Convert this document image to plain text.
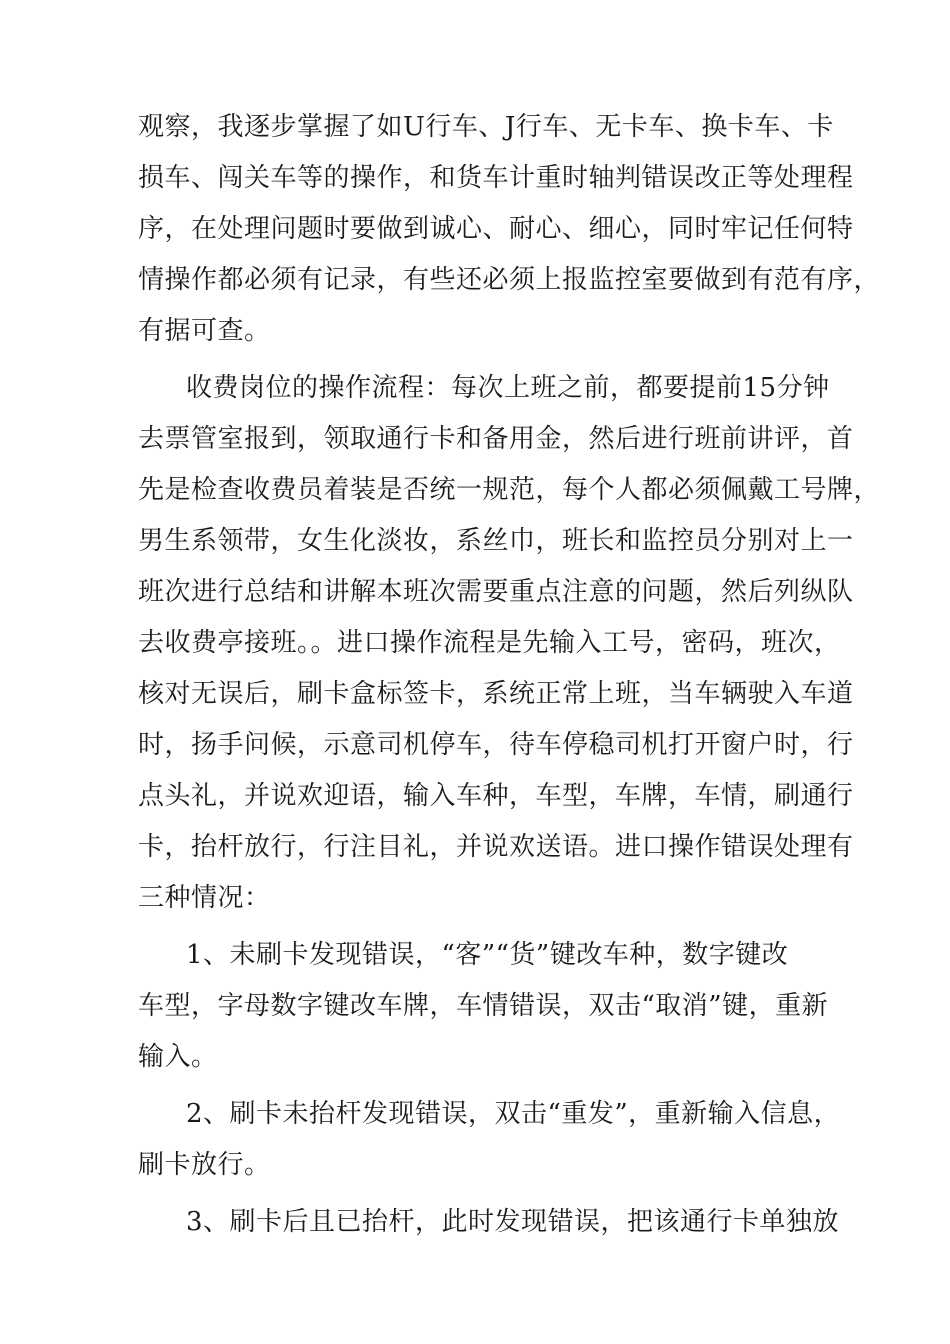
观察，我逐步掌握了如U行车、J行车、无卡车、换卡车、卡
损车、闯关车等的操作，和货车计重时轴判错误改正等处理程
序，在处理问题时要做到诚心、耐心、细心，同时牢记任何特
情操作都必须有记录，有些还必须上报监控室要做到有范有序，
有据可查。
收费岗位的操作流程：每次上班之前，都要提前15分钟
去票管室报到，领取通行卡和备用金，然后进行班前讲评，首
先是检查收费员着装是否统一规范，每个人都必须佩戴工号牌，
男生系领带，女生化淡妆，系丝巾，班长和监控员分别对上一
班次进行总结和讲解本班次需要重点注意的问题，然后列纵队
去收费亭接班。。进口操作流程是先输入工号，密码，班次，
核对无误后，刷卡盒标签卡，系统正常上班，当车辆驶入车道
时，扬手问候，示意司机停车，待车停稳司机打开窗户时，行
点头礼，并说欢迎语，输入车种，车型，车牌，车情，刷通行
卡，抬杆放行，行注目礼，并说欢送语。进口操作错误处理有
三种情况：
1、未刷卡发现错误，“客”“货”键改车种，数字键改
车型，字母数字键改车牌，车情错误，双击“取消”键，重新
输入。
2、刷卡未抬杆发现错误，双击“重发”，重新输入信息，
刷卡放行。
3、刷卡后且已抬杆，此时发现错误，把该通行卡单独放
